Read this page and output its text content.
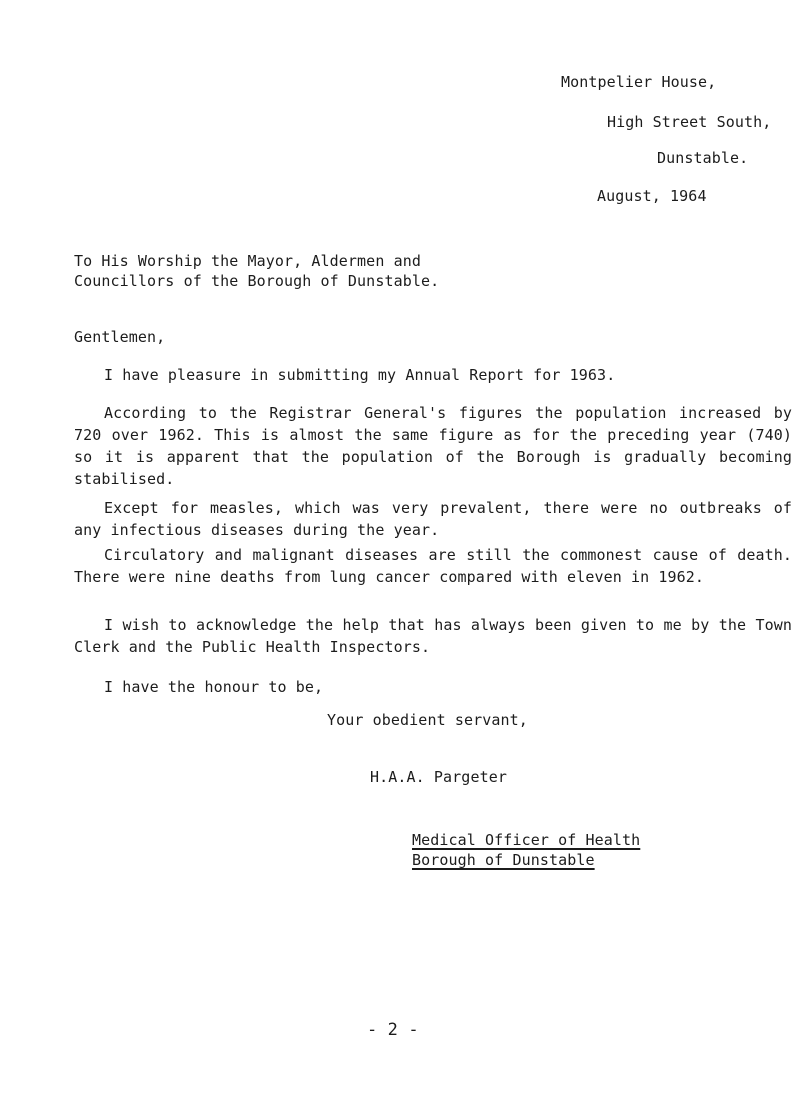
Montpelier House,
High Street South,
Dunstable.
August, 1964
To His Worship the Mayor, Aldermen and
Councillors of the Borough of Dunstable.
Gentlemen,

I have pleasure in submitting my Annual Report for 1963.

According to the Registrar General's figures the population increased by 720 over 1962. This is almost the same figure as for the preceding year (740) so it is apparent that the population of the Borough is gradually becoming stabilised.

Except for measles, which was very prevalent, there were no outbreaks of any infectious diseases during the year.

Circulatory and malignant diseases are still the commonest cause of death. There were nine deaths from lung cancer compared with eleven in 1962.

I wish to acknowledge the help that has always been given to me by the Town Clerk and the Public Health Inspectors.

I have the honour to be,

Your obedient servant,
H.A.A. Pargeter
Medical Officer of Health
Borough of Dunstable
- 2 -
